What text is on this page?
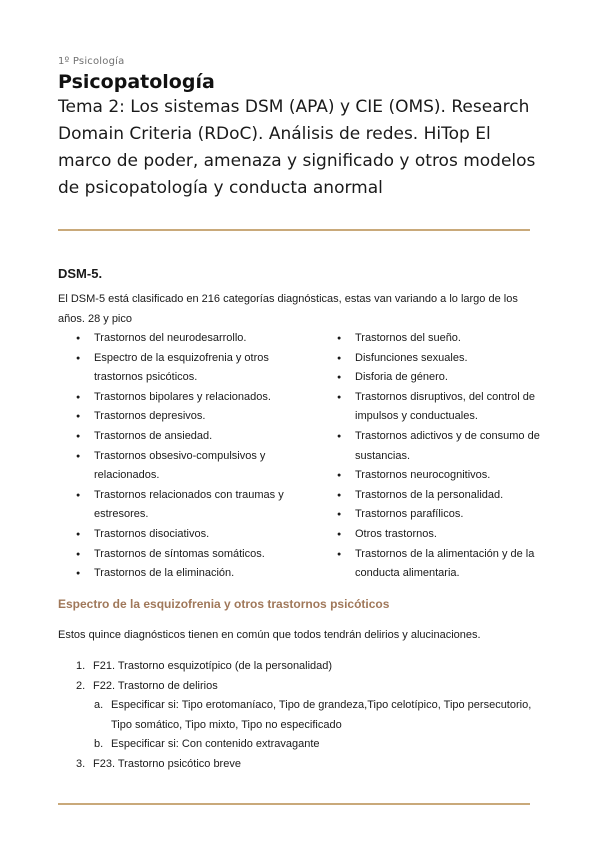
1º Psicología
Psicopatología
Tema 2: Los sistemas DSM (APA) y CIE (OMS). Research Domain Criteria (RDoC). Análisis de redes. HiTop El marco de poder, amenaza y significado y otros modelos de psicopatología y conducta anormal
DSM-5.
El DSM-5 está clasificado en 216 categorías diagnósticas, estas van variando a lo largo de los años. 28 y pico
● Trastornos del neurodesarrollo.
● Espectro de la esquizofrenia y otros trastornos psicóticos.
● Trastornos bipolares y relacionados.
● Trastornos depresivos.
● Trastornos de ansiedad.
● Trastornos obsesivo-compulsivos y relacionados.
● Trastornos relacionados con traumas y estresores.
● Trastornos disociativos.
● Trastornos de síntomas somáticos.
● Trastornos de la eliminación.
● Trastornos del sueño.
● Disfunciones sexuales.
● Disforia de género.
● Trastornos disruptivos, del control de impulsos y conductuales.
● Trastornos adictivos y de consumo de sustancias.
● Trastornos neurocognitivos.
● Trastornos de la personalidad.
● Trastornos parafílicos.
● Otros trastornos.
● Trastornos de la alimentación y de la conducta alimentaria.
Espectro de la esquizofrenia y otros trastornos psicóticos
Estos quince diagnósticos tienen en común que todos tendrán delirios y alucinaciones.
1. F21. Trastorno esquizotípico (de la personalidad)
2. F22. Trastorno de delirios
a. Especificar si: Tipo erotomaníaco, Tipo de grandeza,Tipo celotípico, Tipo persecutorio, Tipo somático, Tipo mixto, Tipo no especificado
b. Especificar si: Con contenido extravagante
3. F23. Trastorno psicótico breve
